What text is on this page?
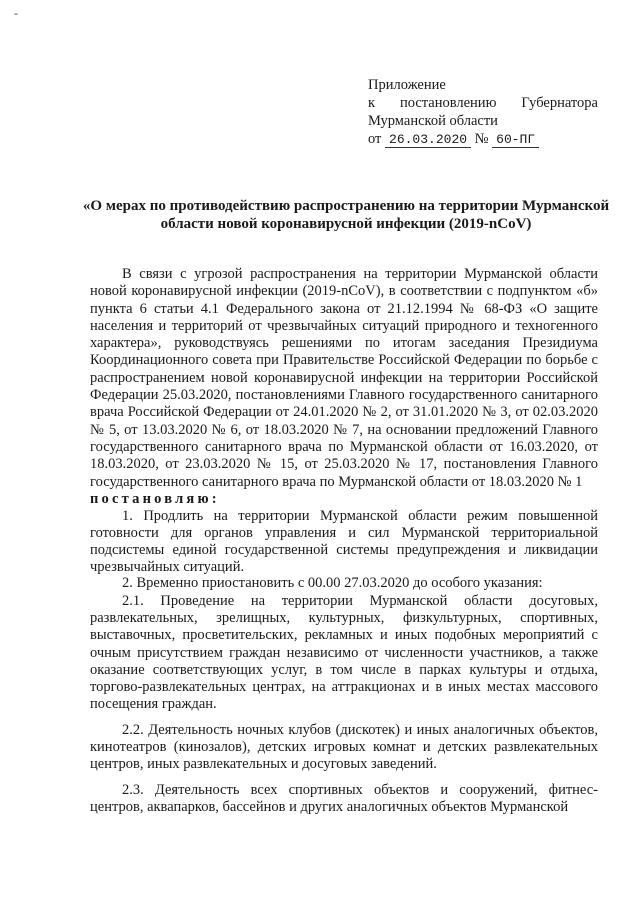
-
Приложение
к постановлению Губернатора
Мурманской области
от 26.03.2020 № 60-ПГ
«О мерах по противодействию распространению на территории Мурманской области новой коронавирусной инфекции (2019-nCoV)

В связи с угрозой распространения на территории Мурманской области новой коронавирусной инфекции (2019-nCoV), в соответствии с подпунктом «б» пункта 6 статьи 4.1 Федерального закона от 21.12.1994 № 68-ФЗ «О защите населения и территорий от чрезвычайных ситуаций природного и техногенного характера», руководствуясь решениями по итогам заседания Президиума Координационного совета при Правительстве Российской Федерации по борьбе с распространением новой коронавирусной инфекции на территории Российской Федерации 25.03.2020, постановлениями Главного государственного санитарного врача Российской Федерации от 24.01.2020 № 2, от 31.01.2020 № 3, от 02.03.2020 № 5, от 13.03.2020 № 6, от 18.03.2020 № 7, на основании предложений Главного государственного санитарного врача по Мурманской области от 16.03.2020, от 18.03.2020, от 23.03.2020 № 15, от 25.03.2020 № 17, постановления Главного государственного санитарного врача по Мурманской области от 18.03.2020 № 1

постановляю:

1. Продлить на территории Мурманской области режим повышенной готовности для органов управления и сил Мурманской территориальной подсистемы единой государственной системы предупреждения и ликвидации чрезвычайных ситуаций.

2. Временно приостановить с 00.00 27.03.2020 до особого указания:

2.1. Проведение на территории Мурманской области досуговых, развлекательных, зрелищных, культурных, физкультурных, спортивных, выставочных, просветительских, рекламных и иных подобных мероприятий с очным присутствием граждан независимо от численности участников, а также оказание соответствующих услуг, в том числе в парках культуры и отдыха, торгово-развлекательных центрах, на аттракционах и в иных местах массового посещения граждан.

2.2. Деятельность ночных клубов (дискотек) и иных аналогичных объектов, кинотеатров (кинозалов), детских игровых комнат и детских развлекательных центров, иных развлекательных и досуговых заведений.

2.3. Деятельность всех спортивных объектов и сооружений, фитнес-центров, аквапарков, бассейнов и других аналогичных объектов Мурманской
